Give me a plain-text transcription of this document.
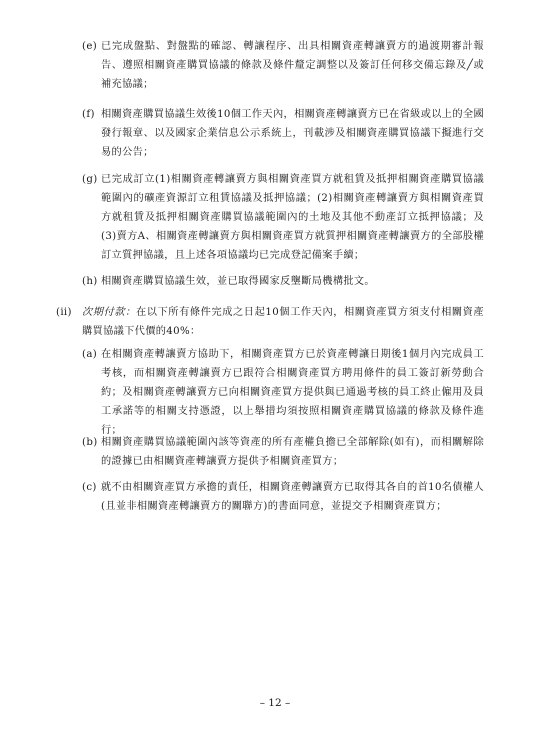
(e) 已完成盤點、對盤點的確認、轉讓程序、出具相關資產轉讓賣方的過渡期審計報告、遵照相關資產購買協議的條款及條件釐定調整以及簽訂任何移交備忘錄及╱或補充協議；
(f) 相關資產購買協議生效後10個工作天內，相關資產轉讓賣方已在省級或以上的全國發行報章、以及國家企業信息公示系統上，刊載涉及相關資產購買協議下擬進行交易的公告；
(g) 已完成訂立(1)相關資產轉讓賣方與相關資產買方就租賃及抵押相關資產購買協議範圍內的礦產資源訂立租賃協議及抵押協議；(2)相關資產轉讓賣方與相關資產買方就租賃及抵押相關資產購買協議範圍內的土地及其他不動產訂立抵押協議；及(3)賣方A、相關資產轉讓賣方與相關資產買方就質押相關資產轉讓賣方的全部股權訂立質押協議，且上述各項協議均已完成登記備案手續；
(h) 相關資產購買協議生效，並已取得國家反壟斷局機構批文。
(ii) 次期付款：在以下所有條件完成之日起10個工作天內，相關資產買方須支付相關資產購買協議下代價的40%：
(a) 在相關資產轉讓賣方協助下，相關資產買方已於資產轉讓日期後1個月內完成員工考核，而相關資產轉讓賣方已跟符合相關資產買方聘用條件的員工簽訂新勞動合約；及相關資產轉讓賣方已向相關資產買方提供與已通過考核的員工終止僱用及員工承諾等的相關支持憑證，以上舉措均須按照相關資產購買協議的條款及條件進行；
(b) 相關資產購買協議範圍內該等資產的所有產權負擔已全部解除(如有)，而相關解除的證據已由相關資產轉讓賣方提供予相關資產買方；
(c) 就不由相關資產買方承擔的責任，相關資產轉讓賣方已取得其各自的首10名債權人(且並非相關資產轉讓賣方的關聯方)的書面同意，並提交予相關資產買方；
– 12 –
